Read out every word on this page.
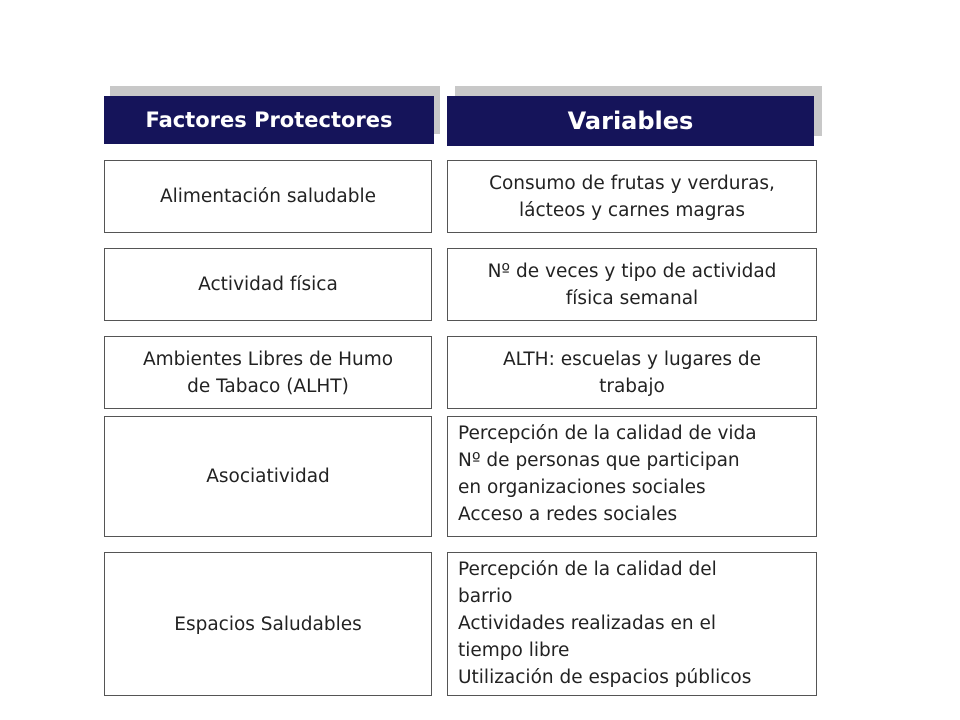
Factores Protectores	Variables
Alimentación saludable
Consumo de frutas y verduras,
lácteos y carnes magras
Actividad física
Nº de veces y tipo de actividad
física semanal
Ambientes Libres de Humo
de Tabaco (ALHT)
ALTH: escuelas y lugares de
trabajo
Asociatividad
Percepción de la calidad de vida
Nº de personas que participan
en organizaciones sociales
Acceso a redes sociales
Espacios Saludables
Percepción de la calidad del
barrio
Actividades realizadas en el
tiempo libre
Utilización de espacios públicos
